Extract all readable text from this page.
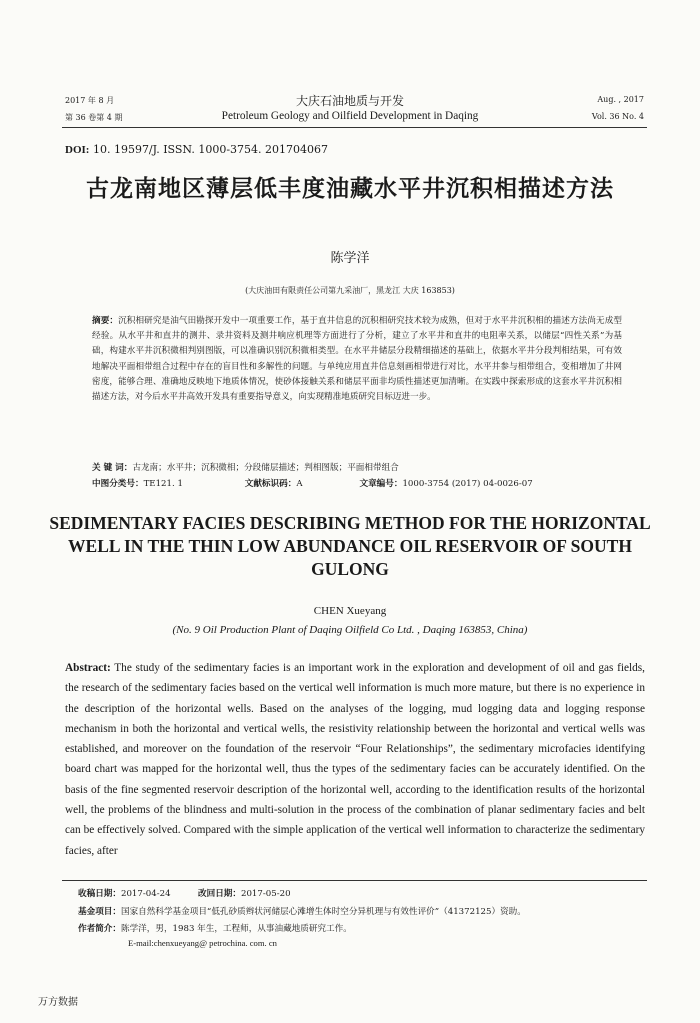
2017 年 8 月
第 36 卷第 4 期
大庆石油地质与开发
Petroleum Geology and Oilfield Development in Daqing
Aug. , 2017
Vol. 36 No. 4
DOI: 10. 19597/J. ISSN. 1000-3754. 201704067
古龙南地区薄层低丰度油藏水平井沉积相描述方法
陈学洋
(大庆油田有限责任公司第九采油厂，黑龙江 大庆 163853)
摘要：沉积相研究是油气田勘探开发中一项重要工作，基于直井信息的沉积相研究技术较为成熟，但对于水平井沉积相的描述方法尚无成型经验。从水平井和直井的测井、录井资料及测井响应机理等方面进行了分析，建立了水平井和直井的电阻率关系，以储层“四性关系”为基础，构建水平井沉积微相判别图版，可以准确识别沉积微相类型。在水平井储层分段精细描述的基础上，依据水平井分段判相结果，可有效地解决平面相带组合过程中存在的盲目性和多解性的问题。与单纯应用直井信息刻画相带进行对比，水平井参与相带组合，变相增加了井网密度，能够合理、准确地反映地下地质体情况，使砂体接触关系和储层平面非均质性描述更加清晰。在实践中探索形成的这套水平井沉积相描述方法，对今后水平井高效开发具有重要指导意义，向实现精准地质研究目标迈进一步。
关 键 词：古龙南；水平井；沉积微相；分段储层描述；判相图版；平面相带组合
中图分类号：TE121. 1	文献标识码：A	文章编号：1000-3754 (2017) 04-0026-07
SEDIMENTARY FACIES DESCRIBING METHOD FOR THE HORIZONTAL WELL IN THE THIN LOW ABUNDANCE OIL RESERVOIR OF SOUTH GULONG
CHEN Xueyang
(No. 9 Oil Production Plant of Daqing Oilfield Co Ltd. , Daqing 163853, China)
Abstract: The study of the sedimentary facies is an important work in the exploration and development of oil and gas fields, the research of the sedimentary facies based on the vertical well information is much more mature, but there is no experience in the description of the horizontal wells. Based on the analyses of the logging, mud logging data and logging response mechanism in both the horizontal and vertical wells, the resistivity relationship between the horizontal and vertical wells was established, and moreover on the foundation of the reservoir “Four Relationships”, the sedimentary microfacies identifying board chart was mapped for the horizontal well, thus the types of the sedimentary facies can be accurately identified. On the basis of the fine segmented reservoir description of the horizontal well, according to the identification results of the horizontal well, the problems of the blindness and multi-solution in the process of the combination of planar sedimentary facies and belt can be effectively solved. Compared with the simple application of the vertical well information to characterize the sedimentary facies, after
收稿日期：2017-04-24	改回日期：2017-05-20
基金项目：国家自然科学基金项目“低孔砂质辫状河储层心滩增生体时空分异机理与有效性评价”（41372125）资助。
作者简介：陈学洋，男，1983 年生，工程师，从事油藏地质研究工作。
E-mail:chenxueyang@ petrochina. com. cn
万方数据
